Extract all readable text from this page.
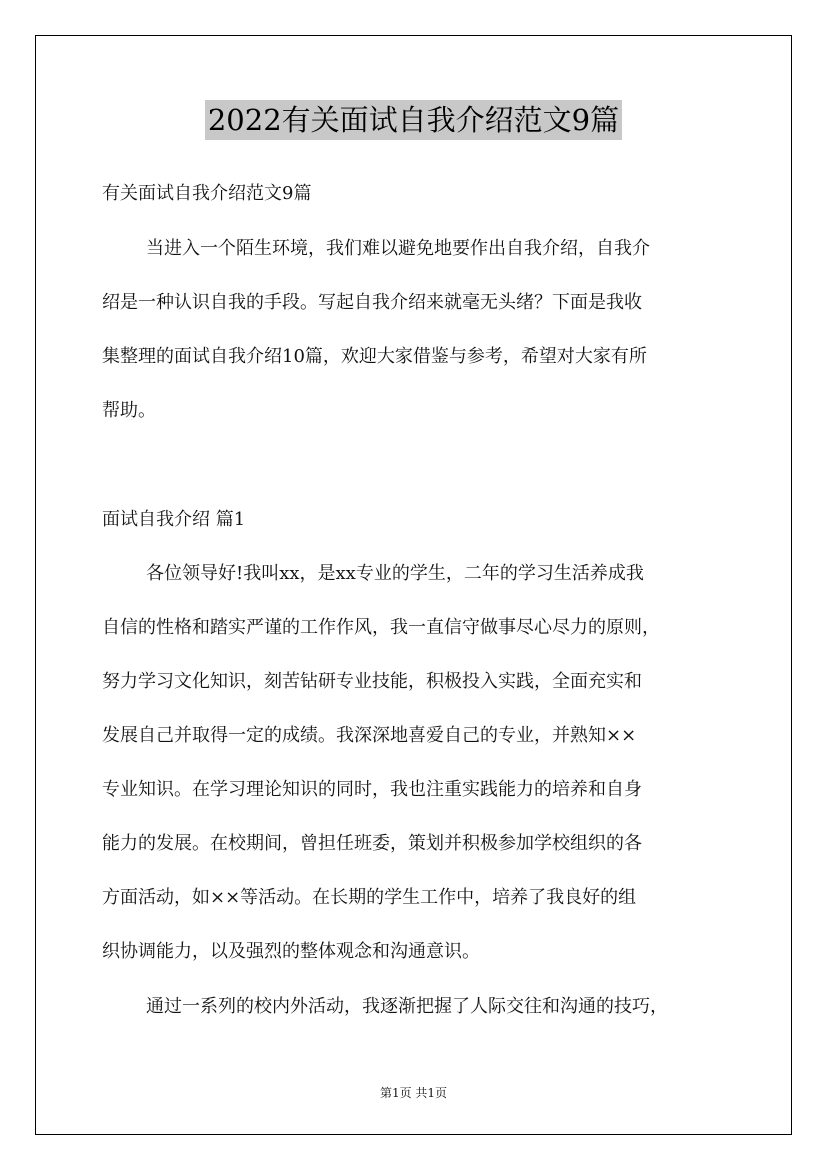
2022有关面试自我介绍范文9篇
有关面试自我介绍范文9篇
当进入一个陌生环境，我们难以避免地要作出自我介绍，自我介
绍是一种认识自我的手段。写起自我介绍来就毫无头绪？下面是我收
集整理的面试自我介绍10篇，欢迎大家借鉴与参考，希望对大家有所
帮助。
面试自我介绍 篇1
各位领导好!我叫xx，是xx专业的学生，二年的学习生活养成我
自信的性格和踏实严谨的工作作风，我一直信守做事尽心尽力的原则，
努力学习文化知识，刻苦钻研专业技能，积极投入实践，全面充实和
发展自己并取得一定的成绩。我深深地喜爱自己的专业，并熟知××
专业知识。在学习理论知识的同时，我也注重实践能力的培养和自身
能力的发展。在校期间，曾担任班委，策划并积极参加学校组织的各
方面活动，如××等活动。在长期的学生工作中，培养了我良好的组
织协调能力，以及强烈的整体观念和沟通意识。
通过一系列的校内外活动，我逐渐把握了人际交往和沟通的技巧，
第1页 共1页
